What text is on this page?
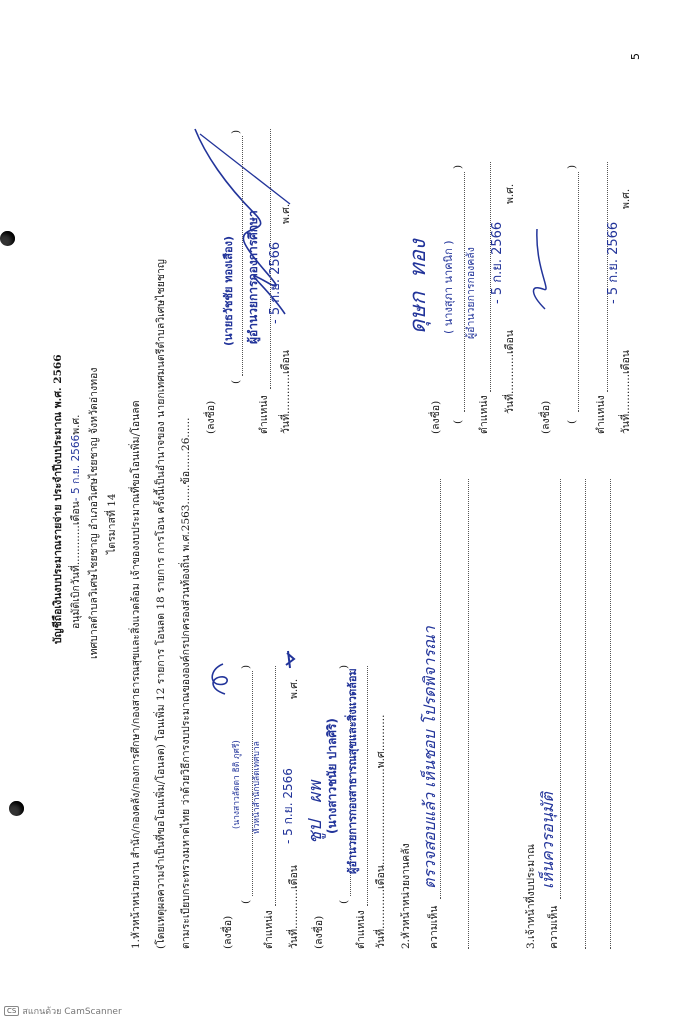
บัญชีถือเงินงบประมาณรายจ่าย ประจำปีงบประมาณ พ.ศ. 2566 อนุมัติเบิกวันที่............เดือน- 5 ก.ย. 2566พ.ศ. เทศบาลตำบลวิเศษไชยชาญ อำเภอวิเศษไชยชาญ จังหวัดอ่างทอง ไตรมาสที่ 14 1.หัวหน้าหน่วยงาน สำนัก/กองคลัง/กองการศึกษา/กองสาธารณสุขและสิ่งแวดล้อม เจ้าของงบประมาณที่ขอโอนเพิ่ม/โอนลด (โดยเหตุผลความจำเป็นที่ขอโอนเพิ่ม/โอนลด) โอนเพิ่ม 12 รายการ โอนลด 18 รายการ การโอน ครั้งนี้เป็นอำนาจของ นายกเทศมนตรีตำบลวิเศษไชยชาญ ตามระเบียบกระทรวงมหาดไทย ว่าด้วยวิธีการงบประมาณขององค์กรปกครองส่วนท้องถิ่น พ.ศ.2563......ข้อ......26......	(ลงชื่อ)
(
(นางสาวลัดดา ธิติ ภูศรี)
)
ตำแหน่ง
หัวหน้าสำนักปลัดเทศบาล
วันที่............เดือน
- 5 ก.ย. 2566
พ.ศ.
(ลงชื่อ)
ชูป   ผพ (นางสาวชนัย ปาลศิริ)
(
)
ตำแหน่ง
ผู้อำนวยการกองสาธารณสุขและสิ่งแวดล้อม
วันที่............เดือน.............................พ.ศ...........
(ลงชื่อ)
(
(นายธวัชชัย ทองเสือง)
)
ตำแหน่ง
ผู้อำนวยการกองการศึกษา
วันที่............เดือน
- 5 ก.ย. 2566
พ.ศ.
2.หัวหน้าหน่วยงานคลัง ความเห็น
ตรวจสอบแล้ว เห็นชอบ โปรดพิจารณา
ดุษก  ทอง
(ลงชื่อ) (
( นางสุภา นาคนิก )
)
ตำแหน่ง
ผู้อำนวยการกองคลัง
วันที่............เดือน
- 5 ก.ย. 2566
พ.ศ.
3.เจ้าหน้าที่งบประมาณ ความเห็น
เห็นควรอนุมัติ
(ลงชื่อ) (
)
ตำแหน่ง วันที่............เดือน
- 5 ก.ย. 2566
พ.ศ.
5
CS สแกนด้วย CamScanner
